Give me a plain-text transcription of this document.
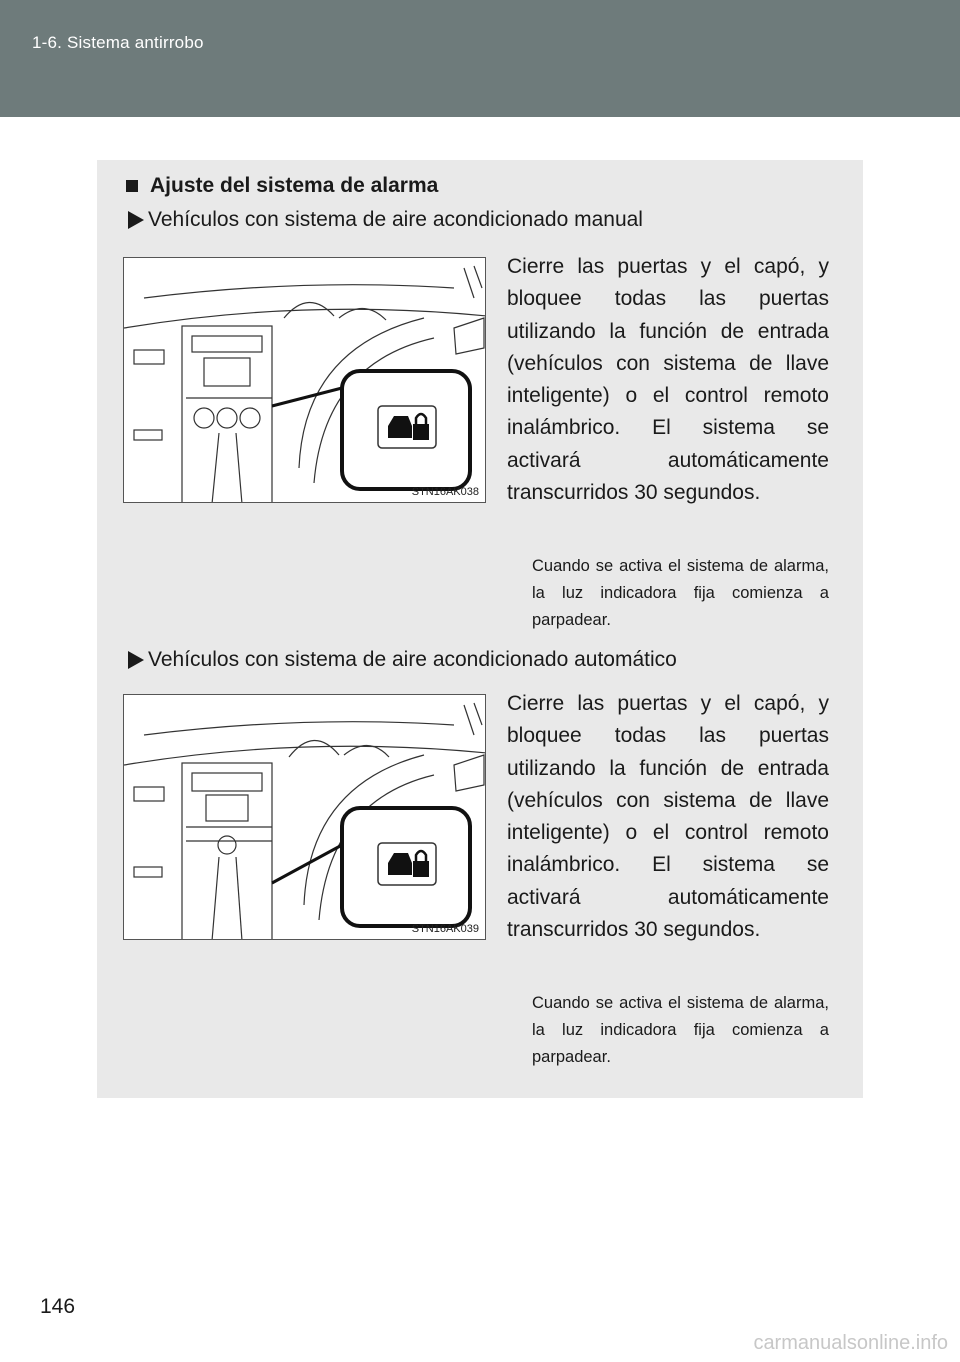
1-6. Sistema antirrobo
Ajuste del sistema de alarma
Vehículos con sistema de aire acondicionado manual
STN16AK038
Cierre las puertas y el capó, y bloquee todas las puertas utilizando la función de entrada (vehículos con sistema de llave inteligente) o el control remoto inalámbrico. El sistema se activará automáticamente transcurridos 30 segundos.
Cuando se activa el sistema de alarma, la luz indicadora fija comienza a parpadear.
Vehículos con sistema de aire acondicionado automático
STN16AK039
Cierre las puertas y el capó, y bloquee todas las puertas utilizando la función de entrada (vehículos con sistema de llave inteligente) o el control remoto inalámbrico. El sistema se activará automáticamente transcurridos 30 segundos.
Cuando se activa el sistema de alarma, la luz indicadora fija comienza a parpadear.
146
carmanualsonline.info
